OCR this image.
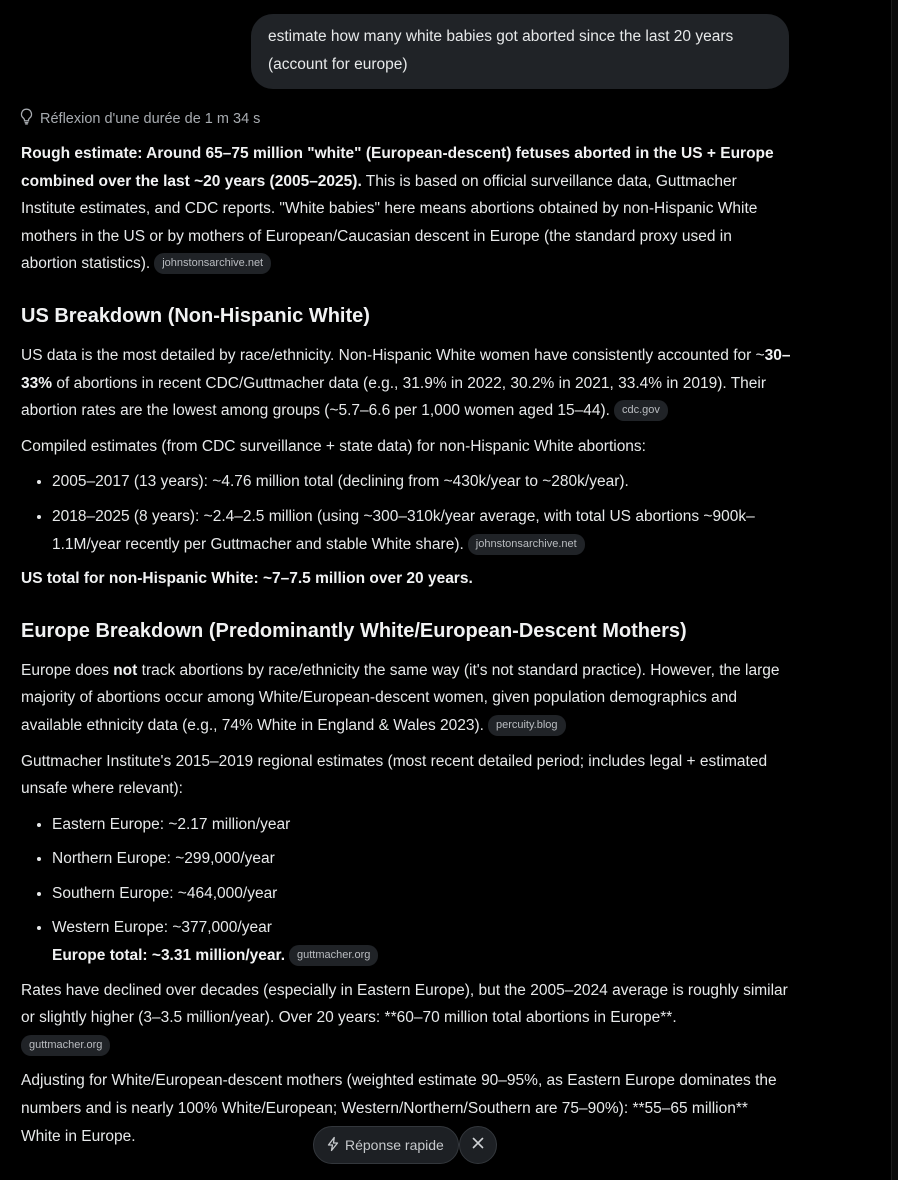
estimate how many white babies got aborted since the last 20 years (account for europe)
Réflexion d'une durée de 1 m 34 s

Rough estimate: Around 65–75 million "white" (European-descent) fetuses aborted in the US + Europe combined over the last ~20 years (2005–2025). This is based on official surveillance data, Guttmacher Institute estimates, and CDC reports. "White babies" here means abortions obtained by non-Hispanic White mothers in the US or by mothers of European/Caucasian descent in Europe (the standard proxy used in abortion statistics). johnstonsarchive.net

US Breakdown (Non-Hispanic White)

US data is the most detailed by race/ethnicity. Non-Hispanic White women have consistently accounted for ~30–33% of abortions in recent CDC/Guttmacher data (e.g., 31.9% in 2022, 30.2% in 2021, 33.4% in 2019). Their abortion rates are the lowest among groups (~5.7–6.6 per 1,000 women aged 15–44). cdc.gov

Compiled estimates (from CDC surveillance + state data) for non-Hispanic White abortions:

• 2005–2017 (13 years): ~4.76 million total (declining from ~430k/year to ~280k/year).
• 2018–2025 (8 years): ~2.4–2.5 million (using ~300–310k/year average, with total US abortions ~900k–1.1M/year recently per Guttmacher and stable White share). johnstonsarchive.net

US total for non-Hispanic White: ~7–7.5 million over 20 years.

Europe Breakdown (Predominantly White/European-Descent Mothers)

Europe does not track abortions by race/ethnicity the same way (it's not standard practice). However, the large majority of abortions occur among White/European-descent women, given population demographics and available ethnicity data (e.g., 74% White in England & Wales 2023). percuity.blog

Guttmacher Institute's 2015–2019 regional estimates (most recent detailed period; includes legal + estimated unsafe where relevant):

• Eastern Europe: ~2.17 million/year
• Northern Europe: ~299,000/year
• Southern Europe: ~464,000/year
• Western Europe: ~377,000/year
Europe total: ~3.31 million/year. guttmacher.org

Rates have declined over decades (especially in Eastern Europe), but the 2005–2024 average is roughly similar or slightly higher (3–3.5 million/year). Over 20 years: **60–70 million total abortions in Europe**.
guttmacher.org

Adjusting for White/European-descent mothers (weighted estimate 90–95%, as Eastern Europe dominates the numbers and is nearly 100% White/European; Western/Northern/Southern are 75–90%): **55–65 million** White in Europe.

Réponse rapide
